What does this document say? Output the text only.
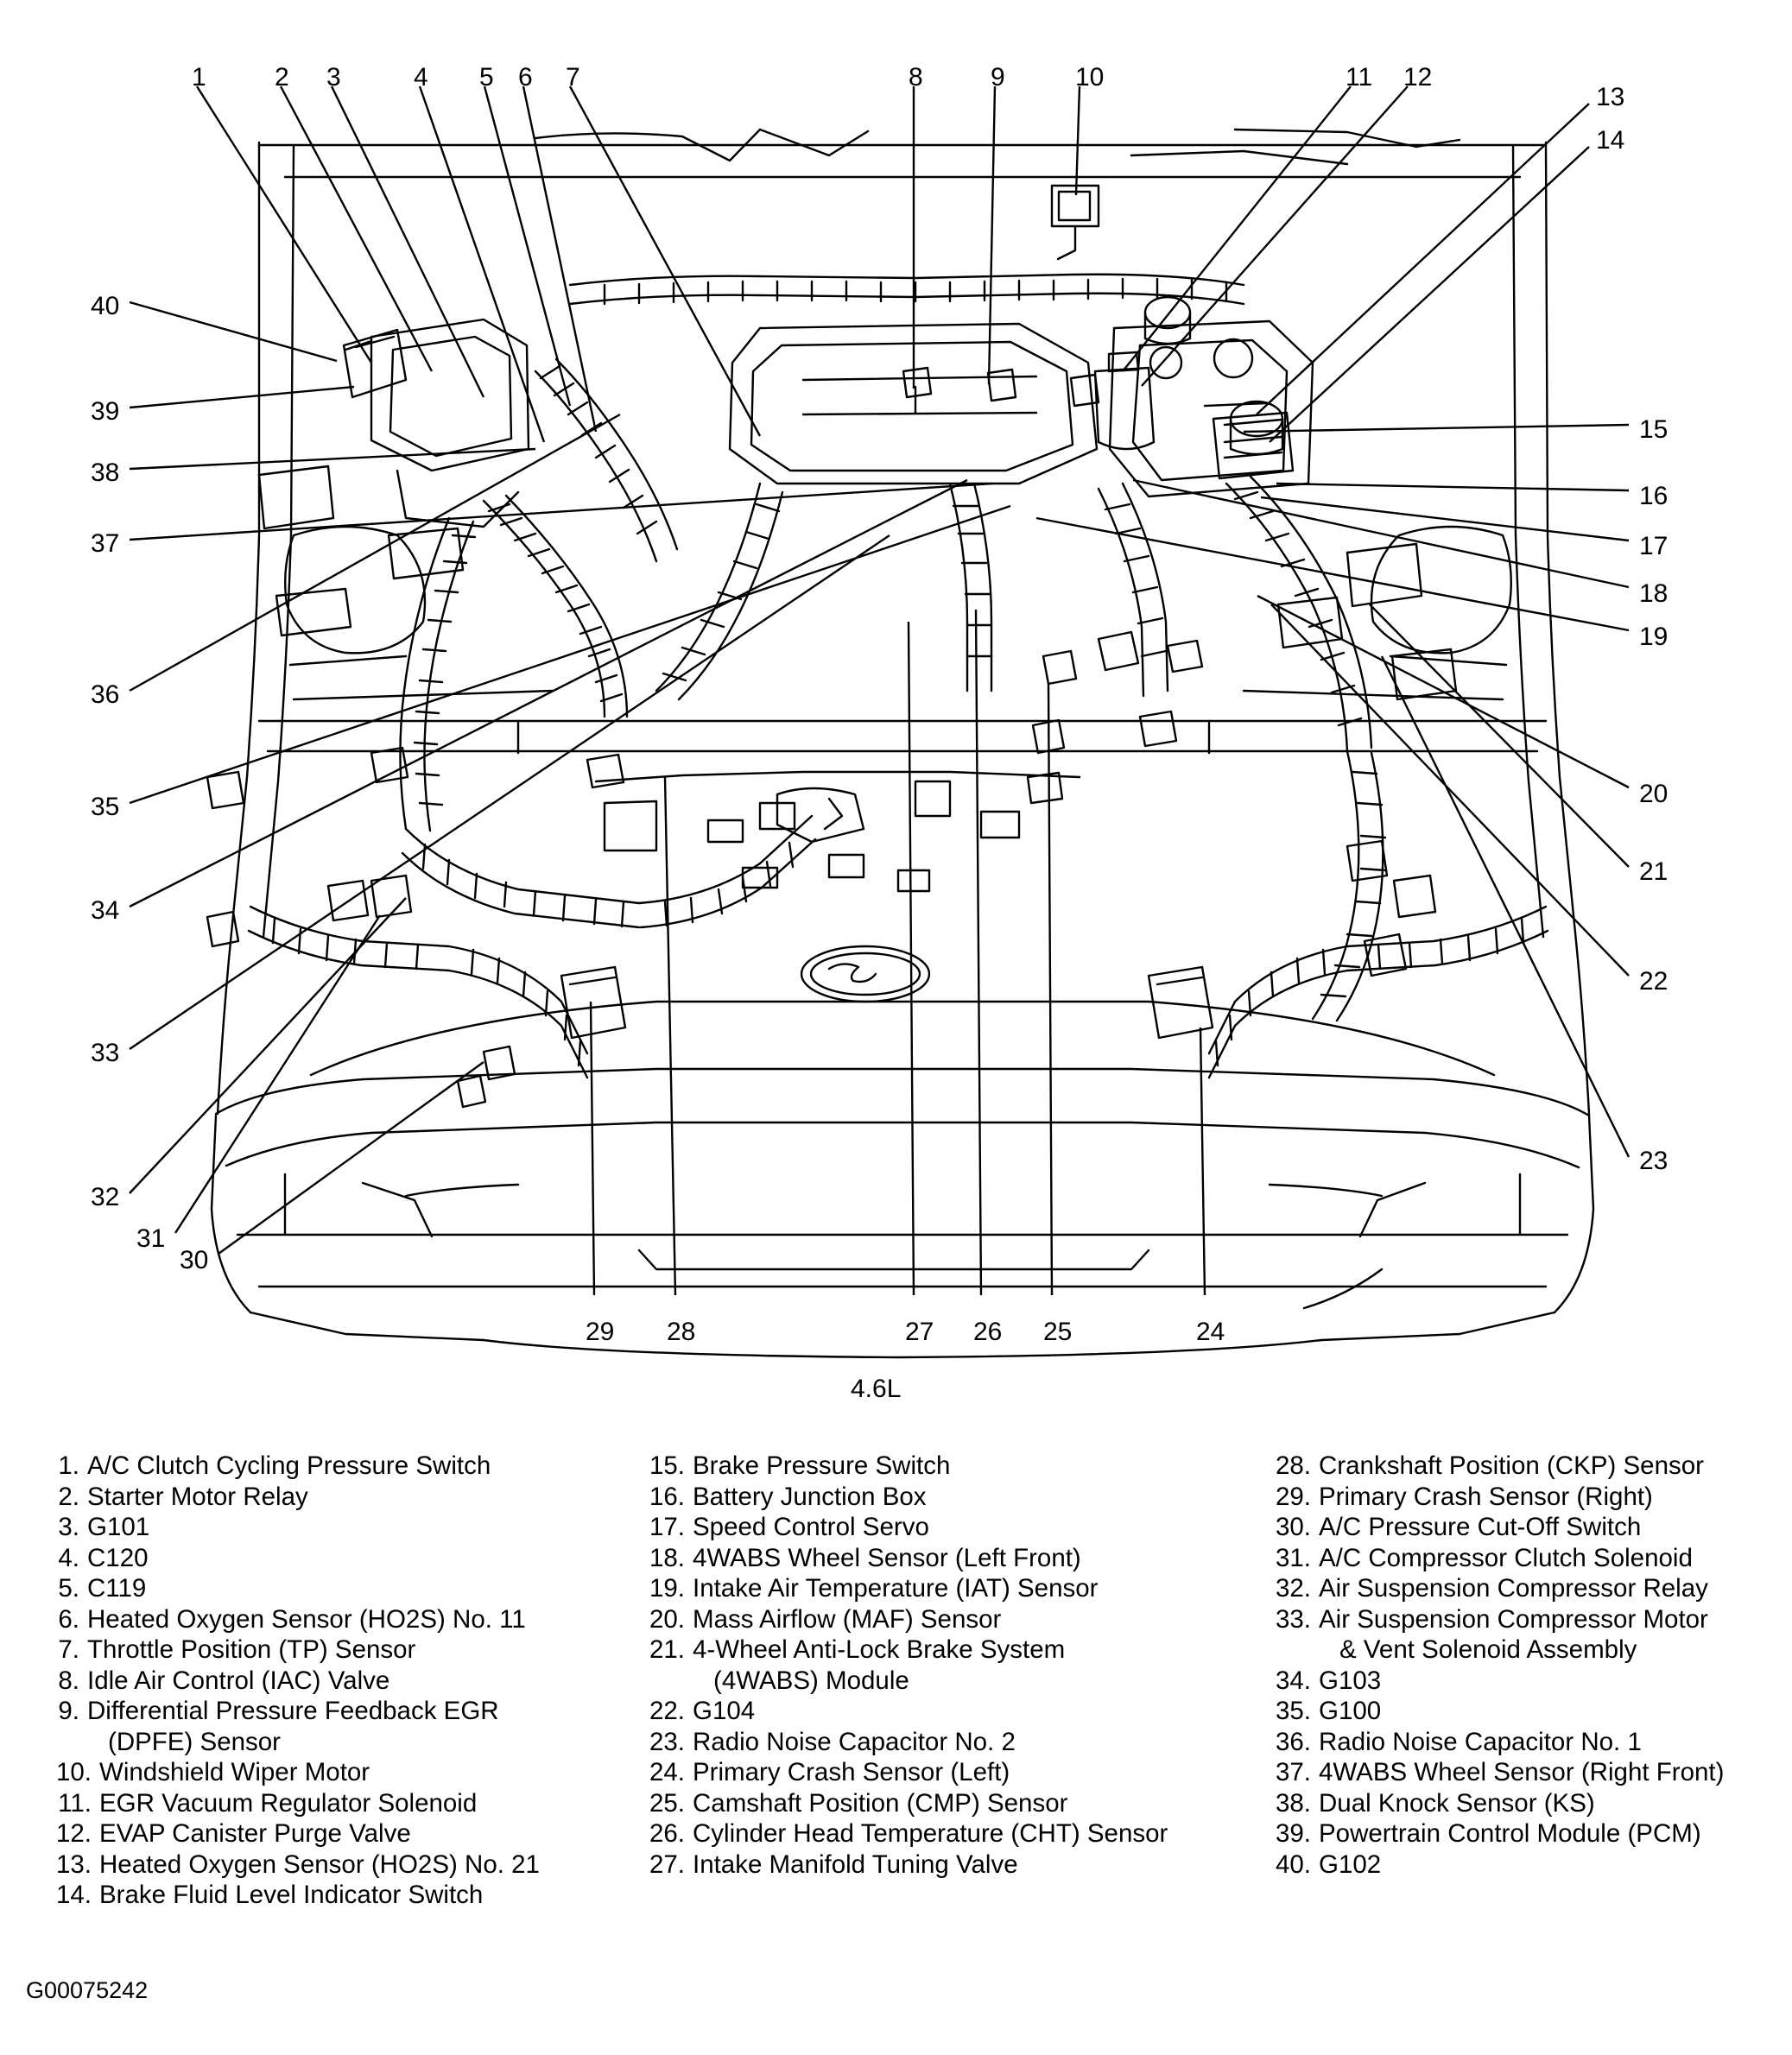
1	2 3	4 5 6 7	8	9	10	11 12
13
14
40
39
38
37
36
35
34
33
32
31
30
15
16
17
18
19
20
21
22
23
29 28	27 26 25	24
4.6L
1. A/C Clutch Cycling Pressure Switch
2. Starter Motor Relay
3. G101
4. C120
5. C119
6. Heated Oxygen Sensor (HO2S) No. 11
7. Throttle Position (TP) Sensor
8. Idle Air Control (IAC) Valve
9. Differential Pressure Feedback EGR
(DPFE) Sensor
10. Windshield Wiper Motor
11. EGR Vacuum Regulator Solenoid
12. EVAP Canister Purge Valve
13. Heated Oxygen Sensor (HO2S) No. 21
14. Brake Fluid Level Indicator Switch
15. Brake Pressure Switch
16. Battery Junction Box
17. Speed Control Servo
18. 4WABS Wheel Sensor (Left Front)
19. Intake Air Temperature (IAT) Sensor
20. Mass Airflow (MAF) Sensor
21. 4-Wheel Anti-Lock Brake System
(4WABS) Module
22. G104
23. Radio Noise Capacitor No. 2
24. Primary Crash Sensor (Left)
25. Camshaft Position (CMP) Sensor
26. Cylinder Head Temperature (CHT) Sensor
27. Intake Manifold Tuning Valve
28. Crankshaft Position (CKP) Sensor
29. Primary Crash Sensor (Right)
30. A/C Pressure Cut-Off Switch
31. A/C Compressor Clutch Solenoid
32. Air Suspension Compressor Relay
33. Air Suspension Compressor Motor
& Vent Solenoid Assembly
34. G103
35. G100
36. Radio Noise Capacitor No. 1
37. 4WABS Wheel Sensor (Right Front)
38. Dual Knock Sensor (KS)
39. Powertrain Control Module (PCM)
40. G102
G00075242
